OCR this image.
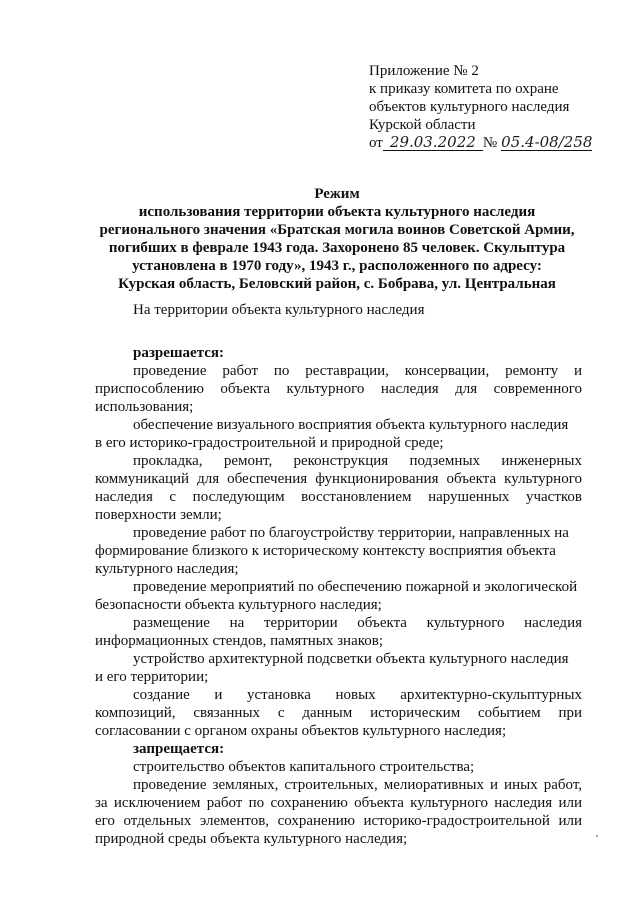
Приложение № 2
к приказу комитета по охране
объектов культурного наследия
Курской области
от 29.03.2022 № 05.4-08/258
Режим
использования территории объекта культурного наследия
регионального значения «Братская могила воинов Советской Армии,
погибших в феврале 1943 года. Захоронено 85 человек. Скульптура
установлена в 1970 году», 1943 г., расположенного по адресу:
Курская область, Беловский район, с. Бобрава, ул. Центральная
На территории объекта культурного наследия
разрешается:
проведение работ по реставрации, консервации, ремонту и
приспособлению объекта культурного наследия для современного
использования;
обеспечение визуального восприятия объекта культурного наследия
в его историко-градостроительной и природной среде;
прокладка, ремонт, реконструкция подземных инженерных
коммуникаций для обеспечения функционирования объекта культурного
наследия с последующим восстановлением нарушенных участков
поверхности земли;
проведение работ по благоустройству территории, направленных на
формирование близкого к историческому контексту восприятия объекта
культурного наследия;
проведение мероприятий по обеспечению пожарной и экологической
безопасности объекта культурного наследия;
размещение на территории объекта культурного наследия
информационных стендов, памятных знаков;
устройство архитектурной подсветки объекта культурного наследия
и его территории;
создание и установка новых архитектурно-скульптурных
композиций, связанных с данным историческим событием при
согласовании с органом охраны объектов культурного наследия;
запрещается:
строительство объектов капитального строительства;
проведение земляных, строительных, мелиоративных и иных работ,
за исключением работ по сохранению объекта культурного наследия или
его отдельных элементов, сохранению историко-градостроительной или
природной среды объекта культурного наследия;
